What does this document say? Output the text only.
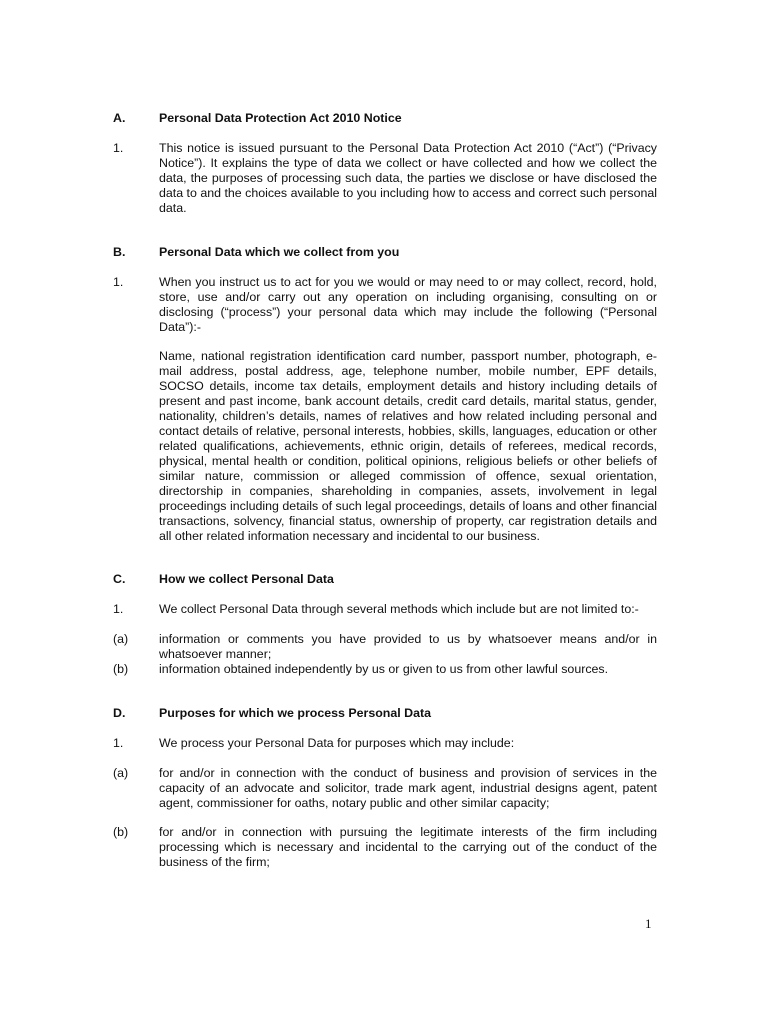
A.	Personal Data Protection Act 2010 Notice
1.	This notice is issued pursuant to the Personal Data Protection Act 2010 (“Act”) (“Privacy Notice”). It explains the type of data we collect or have collected and how we collect the data, the purposes of processing such data, the parties we disclose or have disclosed the data to and the choices available to you including how to access and correct such personal data.
B.	Personal Data which we collect from you
1.	When you instruct us to act for you we would or may need to or may collect, record, hold, store, use and/or carry out any operation on including organising, consulting on or disclosing (“process”) your personal data which may include the following (“Personal Data”):-
Name, national registration identification card number, passport number, photograph, e-mail address, postal address, age, telephone number, mobile number, EPF details, SOCSO details, income tax details, employment details and history including details of present and past income, bank account details, credit card details, marital status, gender, nationality, children’s details, names of relatives and how related including personal and contact details of relative, personal interests, hobbies, skills, languages, education or other related qualifications, achievements, ethnic origin, details of referees, medical records, physical, mental health or condition, political opinions, religious beliefs or other beliefs of similar nature, commission or alleged commission of offence, sexual orientation, directorship in companies, shareholding in companies, assets, involvement in legal proceedings including details of such legal proceedings, details of loans and other financial transactions, solvency, financial status, ownership of property, car registration details and all other related information necessary and incidental to our business.
C.	How we collect Personal Data
1.	We collect Personal Data through several methods which include but are not limited to:-
(a) information or comments you have provided to us by whatsoever means and/or in whatsoever manner;
(b) information obtained independently by us or given to us from other lawful sources.
D.	Purposes for which we process Personal Data
1.	We process your Personal Data for purposes which may include:
(a) for and/or in connection with the conduct of business and provision of services in the capacity of an advocate and solicitor, trade mark agent, industrial designs agent, patent agent, commissioner for oaths, notary public and other similar capacity;
(b) for and/or in connection with pursuing the legitimate interests of the firm including processing which is necessary and incidental to the carrying out of the conduct of the business of the firm;
1
